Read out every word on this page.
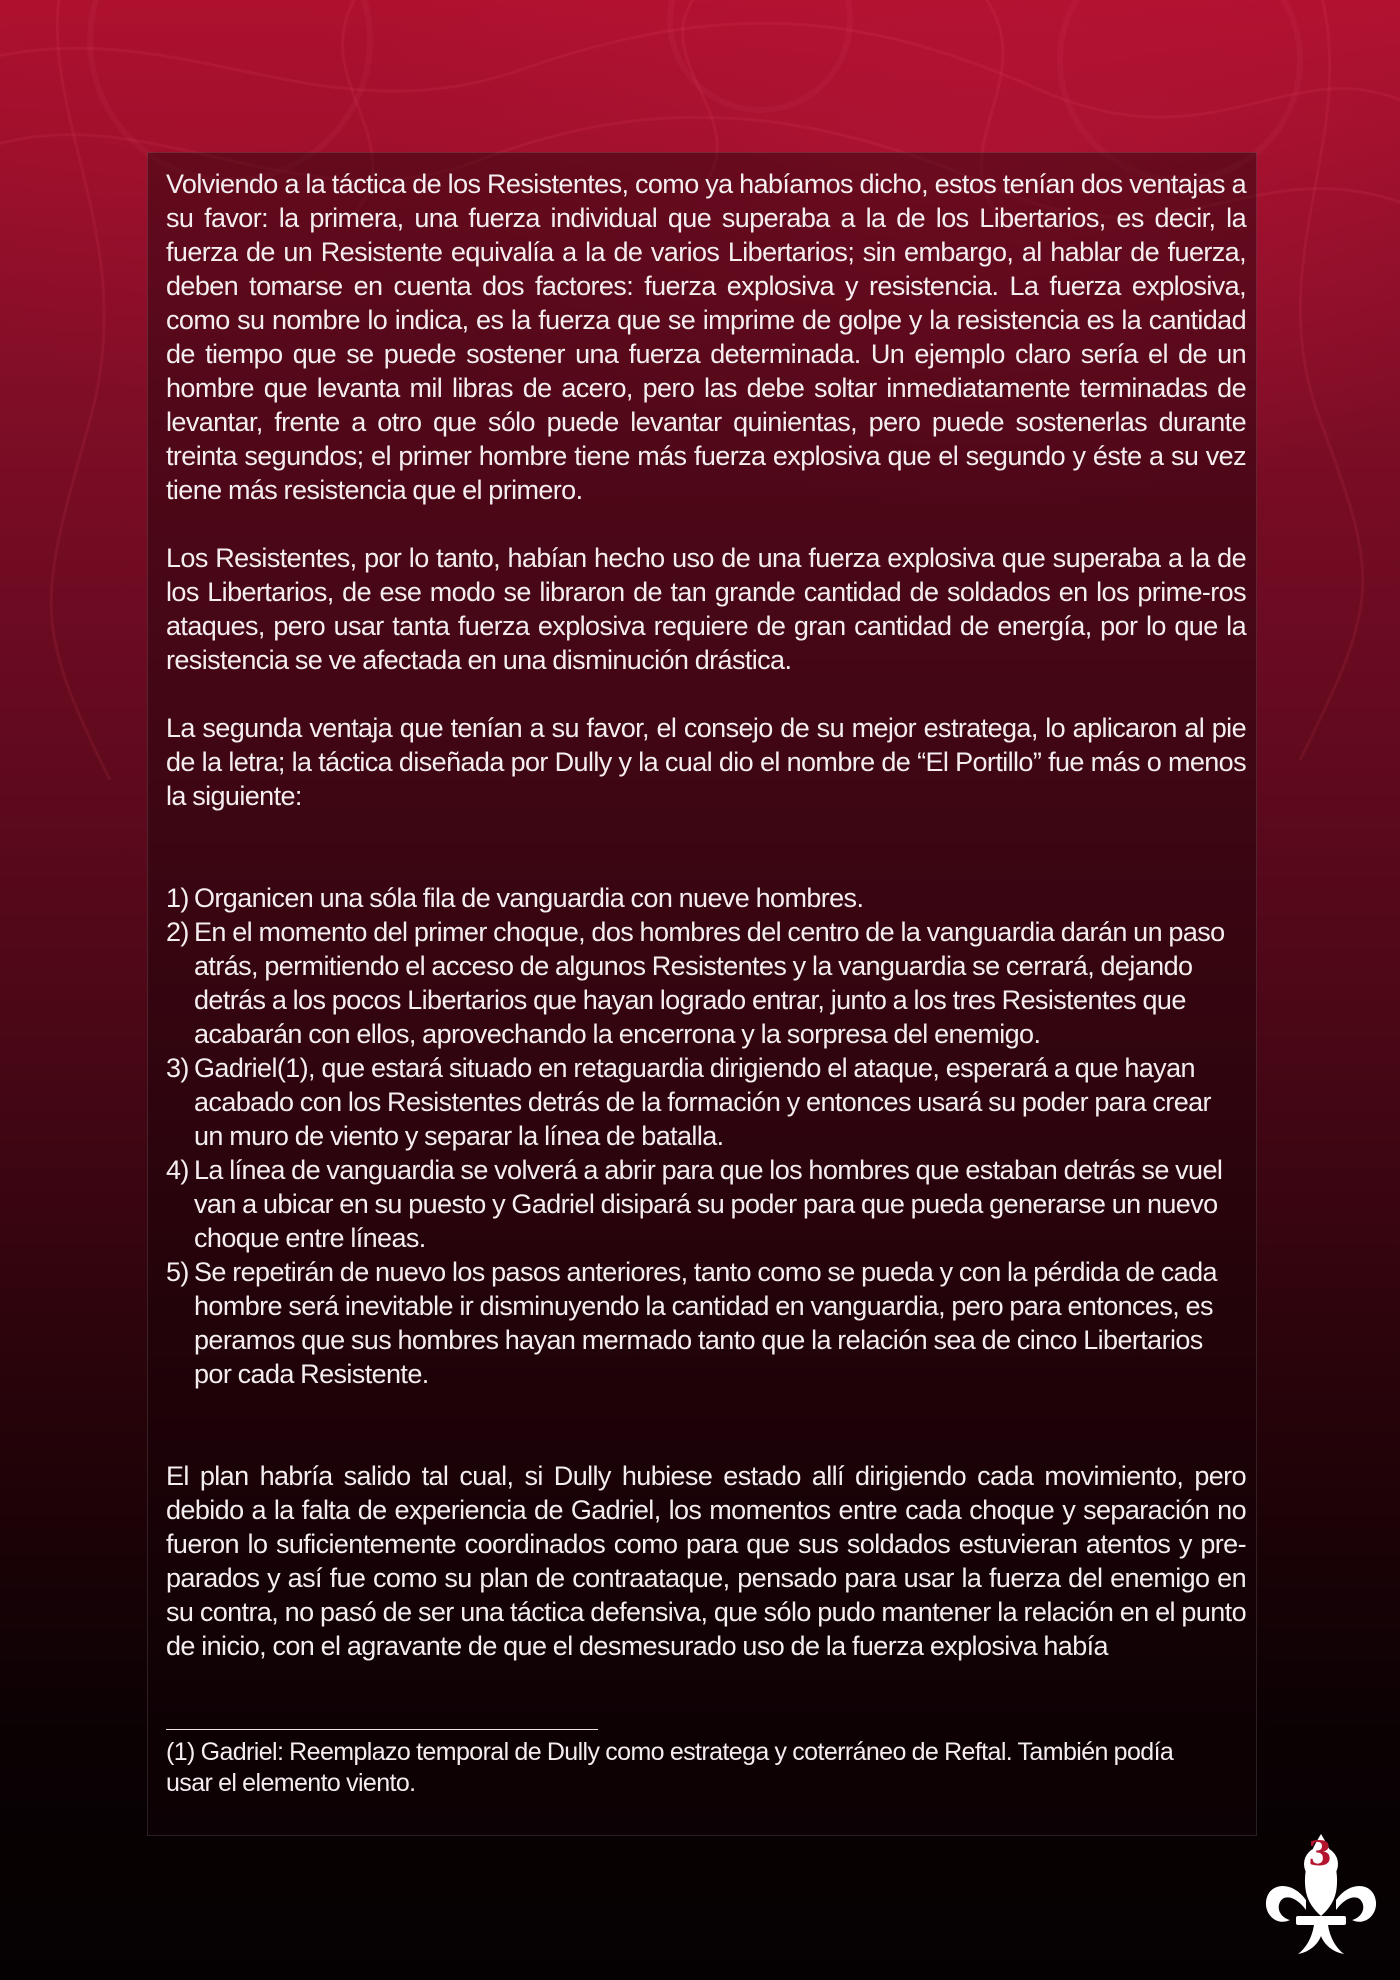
Volviendo a la táctica de los Resistentes, como ya habíamos dicho, estos tenían dos ventajas a su favor: la primera, una fuerza individual que superaba a la de los Libertarios, es decir, la fuerza de un Resistente equivalía a la de varios Libertarios; sin embargo, al hablar de fuerza, deben tomarse en cuenta dos factores: fuerza explosiva y resistencia. La fuerza explosiva, como su nombre lo indica, es la fuerza que se imprime de golpe y la resistencia es la cantidad de tiempo que se puede sostener una fuerza determinada. Un ejemplo claro sería el de un hombre que levanta mil libras de acero, pero las debe soltar inmediatamente terminadas de levantar, frente a otro que sólo puede levantar quinientas, pero puede sostenerlas durante treinta segundos; el primer hombre tiene más fuerza explosiva que el segundo y éste a su vez tiene más resistencia que el primero.

Los Resistentes, por lo tanto, habían hecho uso de una fuerza explosiva que superaba a la de los Libertarios, de ese modo se libraron de tan grande cantidad de soldados en los prime-ros ataques, pero usar tanta fuerza explosiva requiere de gran cantidad de energía, por lo que la resistencia se ve afectada en una disminución drástica.

La segunda ventaja que tenían a su favor, el consejo de su mejor estratega, lo aplicaron al pie de la letra; la táctica diseñada por Dully y la cual dio el nombre de “El Portillo” fue más o menos la siguiente:

1) Organicen una sóla fila de vanguardia con nueve hombres.
2) En el momento del primer choque, dos hombres del centro de la vanguardia darán un paso atrás, permitiendo el acceso de algunos Resistentes y la vanguardia se cerrará, dejando detrás a los pocos Libertarios que hayan logrado entrar, junto a los tres Resistentes que acabarán con ellos, aprovechando la encerrona y la sorpresa del enemigo.
3) Gadriel(1), que estará situado en retaguardia dirigiendo el ataque, esperará a que hayan acabado con los Resistentes detrás de la formación y entonces usará su poder para crear un muro de viento y separar la línea de batalla.
4) La línea de vanguardia se volverá a abrir para que los hombres que estaban detrás se vuel van a ubicar en su puesto y Gadriel disipará su poder para que pueda generarse un nuevo choque entre líneas.
5) Se repetirán de nuevo los pasos anteriores, tanto como se pueda y con la pérdida de cada hombre será inevitable ir disminuyendo la cantidad en vanguardia, pero para entonces, es peramos que sus hombres hayan mermado tanto que la relación sea de cinco Libertarios por cada Resistente.

El plan habría salido tal cual, si Dully hubiese estado allí dirigiendo cada movimiento, pero debido a la falta de experiencia de Gadriel, los momentos entre cada choque y separación no fueron lo suficientemente coordinados como para que sus soldados estuvieran atentos y pre-parados y así fue como su plan de contraataque, pensado para usar la fuerza del enemigo en su contra, no pasó de ser una táctica defensiva, que sólo pudo mantener la relación en el punto de inicio, con el agravante de que el desmesurado uso de la fuerza explosiva había

(1) Gadriel: Reemplazo temporal de Dully como estratega y coterráneo de Reftal. También podía usar el elemento viento.

3
